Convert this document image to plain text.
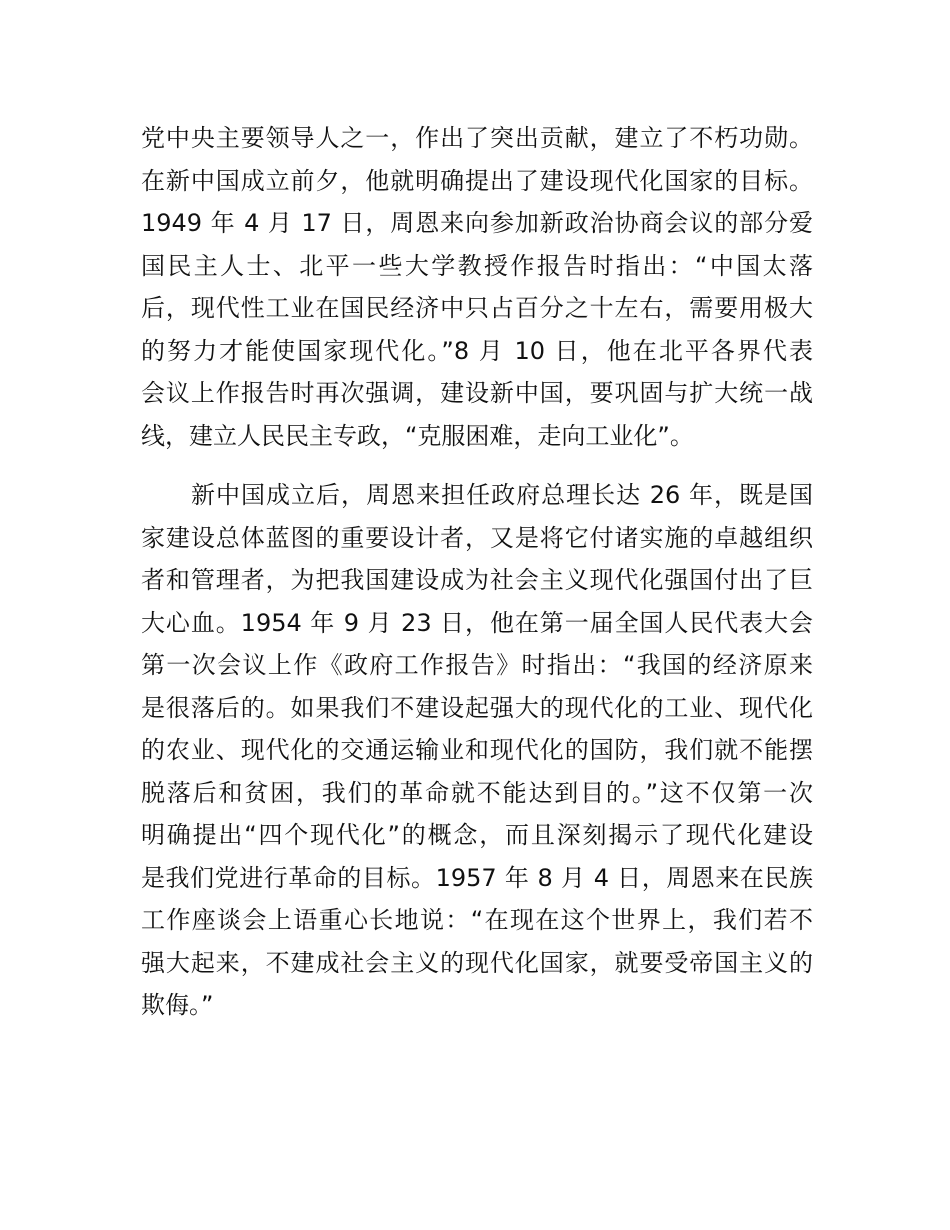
党中央主要领导人之一，作出了突出贡献，建立了不朽功勋。
在新中国成立前夕，他就明确提出了建设现代化国家的目标。
1949 年 4 月 17 日，周恩来向参加新政治协商会议的部分爱
国民主人士、北平一些大学教授作报告时指出：“中国太落
后，现代性工业在国民经济中只占百分之十左右，需要用极大
的努力才能使国家现代化。”8 月 10 日，他在北平各界代表
会议上作报告时再次强调，建设新中国，要巩固与扩大统一战
线，建立人民民主专政，“克服困难，走向工业化”。
　　新中国成立后，周恩来担任政府总理长达 26 年，既是国
家建设总体蓝图的重要设计者，又是将它付诸实施的卓越组织
者和管理者，为把我国建设成为社会主义现代化强国付出了巨
大心血。1954 年 9 月 23 日，他在第一届全国人民代表大会
第一次会议上作《政府工作报告》时指出：“我国的经济原来
是很落后的。如果我们不建设起强大的现代化的工业、现代化
的农业、现代化的交通运输业和现代化的国防，我们就不能摆
脱落后和贫困，我们的革命就不能达到目的。”这不仅第一次
明确提出“四个现代化”的概念，而且深刻揭示了现代化建设
是我们党进行革命的目标。1957 年 8 月 4 日，周恩来在民族
工作座谈会上语重心长地说：“在现在这个世界上，我们若不
强大起来，不建成社会主义的现代化国家，就要受帝国主义的
欺侮。”
